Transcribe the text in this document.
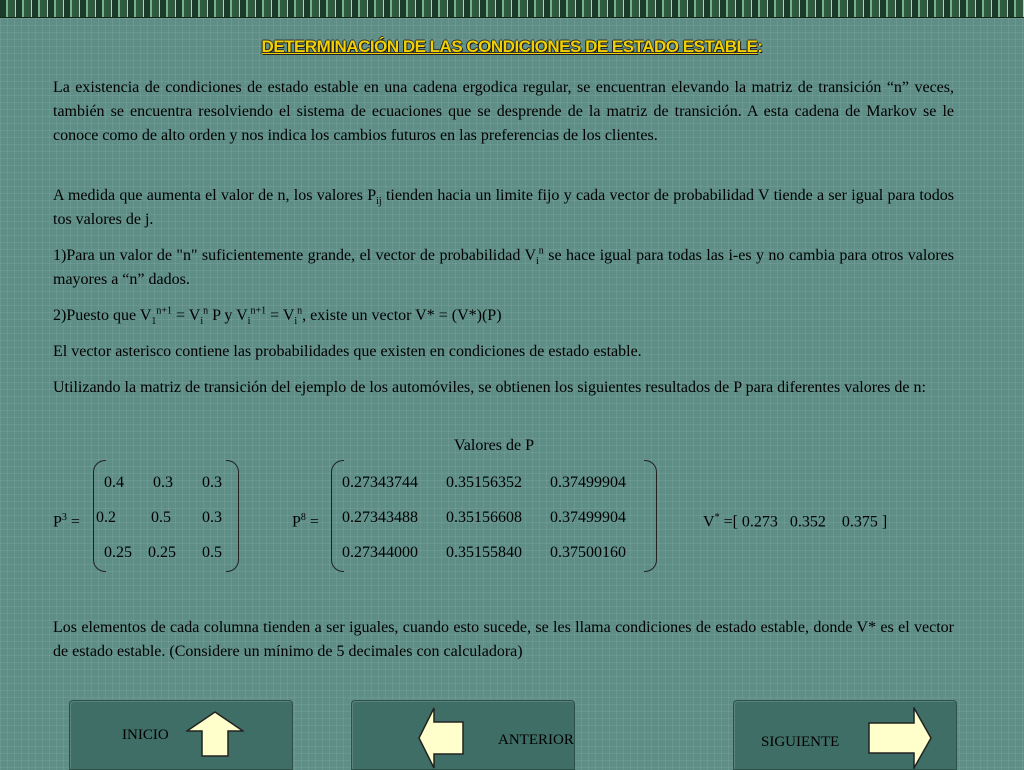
DETERMINACIÓN DE LAS CONDICIONES DE ESTADO ESTABLE:

La existencia de condiciones de estado estable en una cadena ergodica regular, se encuentran elevando la matriz de transición “n” veces, también se encuentra resolviendo el sistema de ecuaciones que se desprende de la matriz de transición. A esta cadena de Markov se le conoce como de alto orden y nos indica los cambios futuros en las preferencias de los clientes.

A medida que aumenta el valor de n, los valores $P_{ij}$ tienden hacia un limite fijo y cada vector de probabilidad V tiende a ser igual para todos tos valores de j.

1)Para un valor de "n" suficientemente grande, el vector de probabilidad $V_i^n$ se hace igual para todas las i-es y no cambia para otros valores mayores a “n” dados.

2)Puesto que $V_1^{n+1} = V_i^n$ P y $V_i^{n+1} = V_i^n$, existe un vector V* = (V*)(P)

El vector asterisco contiene las probabilidades que existen en condiciones de estado estable.

Utilizando la matriz de transición del ejemplo de los automóviles, se obtienen los siguientes resultados de P para diferentes valores de n:

Valores de P
$P^3$ =
0.4 0.3 0.3
0.2 0.5 0.3
0.25 0.25 0.5
$P^8$ =
0.27343744 0.35156352 0.37499904
0.27343488 0.35156608 0.37499904
0.27344000 0.35155840 0.37500160
V* =[ 0.273   0.352    0.375 ]

Los elementos de cada columna tienden a ser iguales, cuando esto sucede, se les llama condiciones de estado estable, donde V* es el vector de estado estable. (Considere un mínimo de 5 decimales con calculadora)

INICIO	ANTERIOR	SIGUIENTE
